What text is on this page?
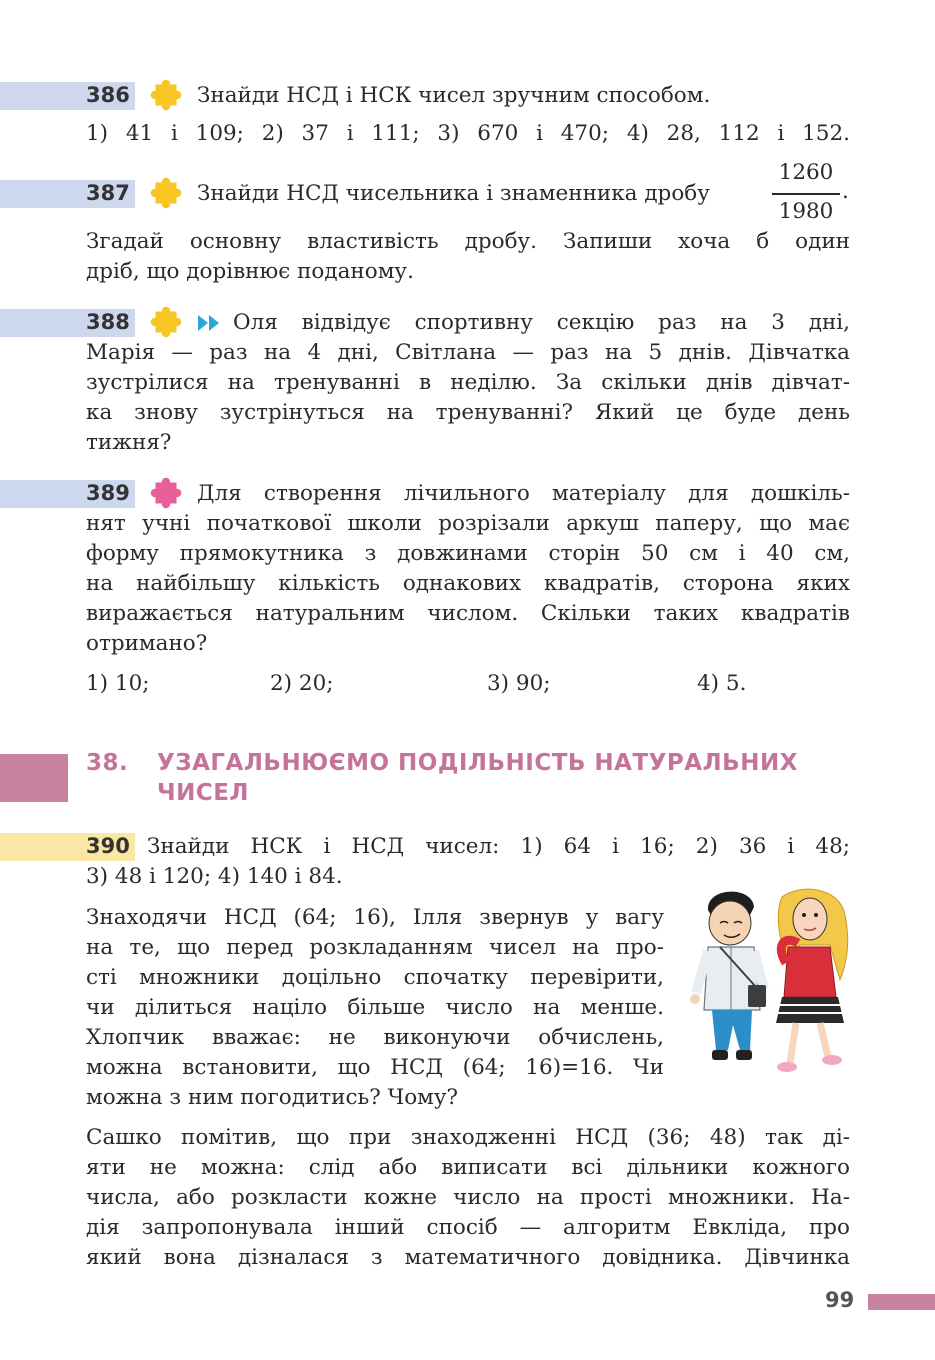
386	Знайди НСД і НСК чисел зручним способом.
1) 41 і 109; 2) 37 і 111; 3) 670 і 470; 4) 28, 112 і 152.
387	Знайди НСД чисельника і знаменника дробу
1260
1980
.
Згадай основну властивість дробу. Запиши хоча б один
дріб, що дорівнює поданому.
388	Оля відвідує спортивну секцію раз на 3 дні,
Марія — раз на 4 дні, Світлана — раз на 5 днів. Дівчатка
зустрілися на тренуванні в неділю. За скільки днів дівчат-
ка знову зустрінуться на тренуванні? Який це буде день
тижня?
389	Для створення лічильного матеріалу для дошкіль-
нят учні початкової школи розрізали аркуш паперу, що має
форму прямокутника з довжинами сторін 50 см і 40 см,
на найбільшу кількість однакових квадратів, сторона яких
виражається натуральним числом. Скільки таких квадратів
отримано?
1) 10;	2) 20;	3) 90;	4) 5.
38. УЗАГАЛЬНЮЄМО ПОДІЛЬНІСТЬ НАТУРАЛЬНИХ
ЧИСЕЛ
390 Знайди НСК і НСД чисел: 1) 64 і 16; 2) 36 і 48;
3) 48 і 120; 4) 140 і 84.
Знаходячи НСД (64; 16), Ілля звернув у вагу
на те, що перед розкладанням чисел на про-
сті множники доцільно спочатку перевірити,
чи ділиться націло більше число на менше.
Хлопчик вважає: не виконуючи обчислень,
можна встановити, що НСД (64; 16)=16. Чи
можна з ним погодитись? Чому?
Сашко помітив, що при знаходженні НСД (36; 48) так ді-
яти не можна: слід або виписати всі дільники кожного
числа, або розкласти кожне число на прості множники. На-
дія запропонувала інший спосіб — алгоритм Евкліда, про
який вона дізналася з математичного довідника. Дівчинка
99
